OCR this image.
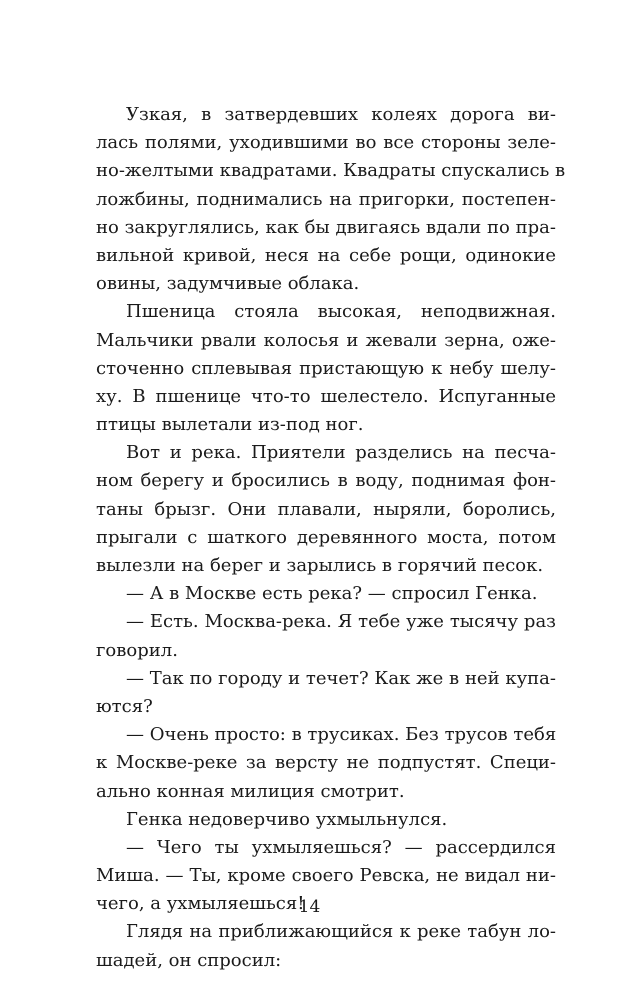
Узкая, в затвердевших колеях дорога ви-
лась полями, уходившими во все стороны зеле-
но-желтыми квадратами. Квадраты спускались в
ложбины, поднимались на пригорки, постепен-
но закруглялись, как бы двигаясь вдали по пра-
вильной кривой, неся на себе рощи, одинокие
овины, задумчивые облака.
Пшеница стояла высокая, неподвижная.
Мальчики рвали колосья и жевали зерна, оже-
сточенно сплевывая пристающую к небу шелу-
ху. В пшенице что-то шелестело. Испуганные
птицы вылетали из-под ног.
Вот и река. Приятели разделись на песча-
ном берегу и бросились в воду, поднимая фон-
таны брызг. Они плавали, ныряли, боролись,
прыгали с шаткого деревянного моста, потом
вылезли на берег и зарылись в горячий песок.
— А в Москве есть река? — спросил Генка.
— Есть. Москва-река. Я тебе уже тысячу раз
говорил.
— Так по городу и течет? Как же в ней купа-
ются?
— Очень просто: в трусиках. Без трусов тебя
к Москве-реке за версту не подпустят. Специ-
ально конная милиция смотрит.
Генка недоверчиво ухмыльнулся.
— Чего ты ухмыляешься? — рассердился
Миша. — Ты, кроме своего Ревска, не видал ни-
чего, а ухмыляешься!
Глядя на приближающийся к реке табун ло-
шадей, он спросил:
14
